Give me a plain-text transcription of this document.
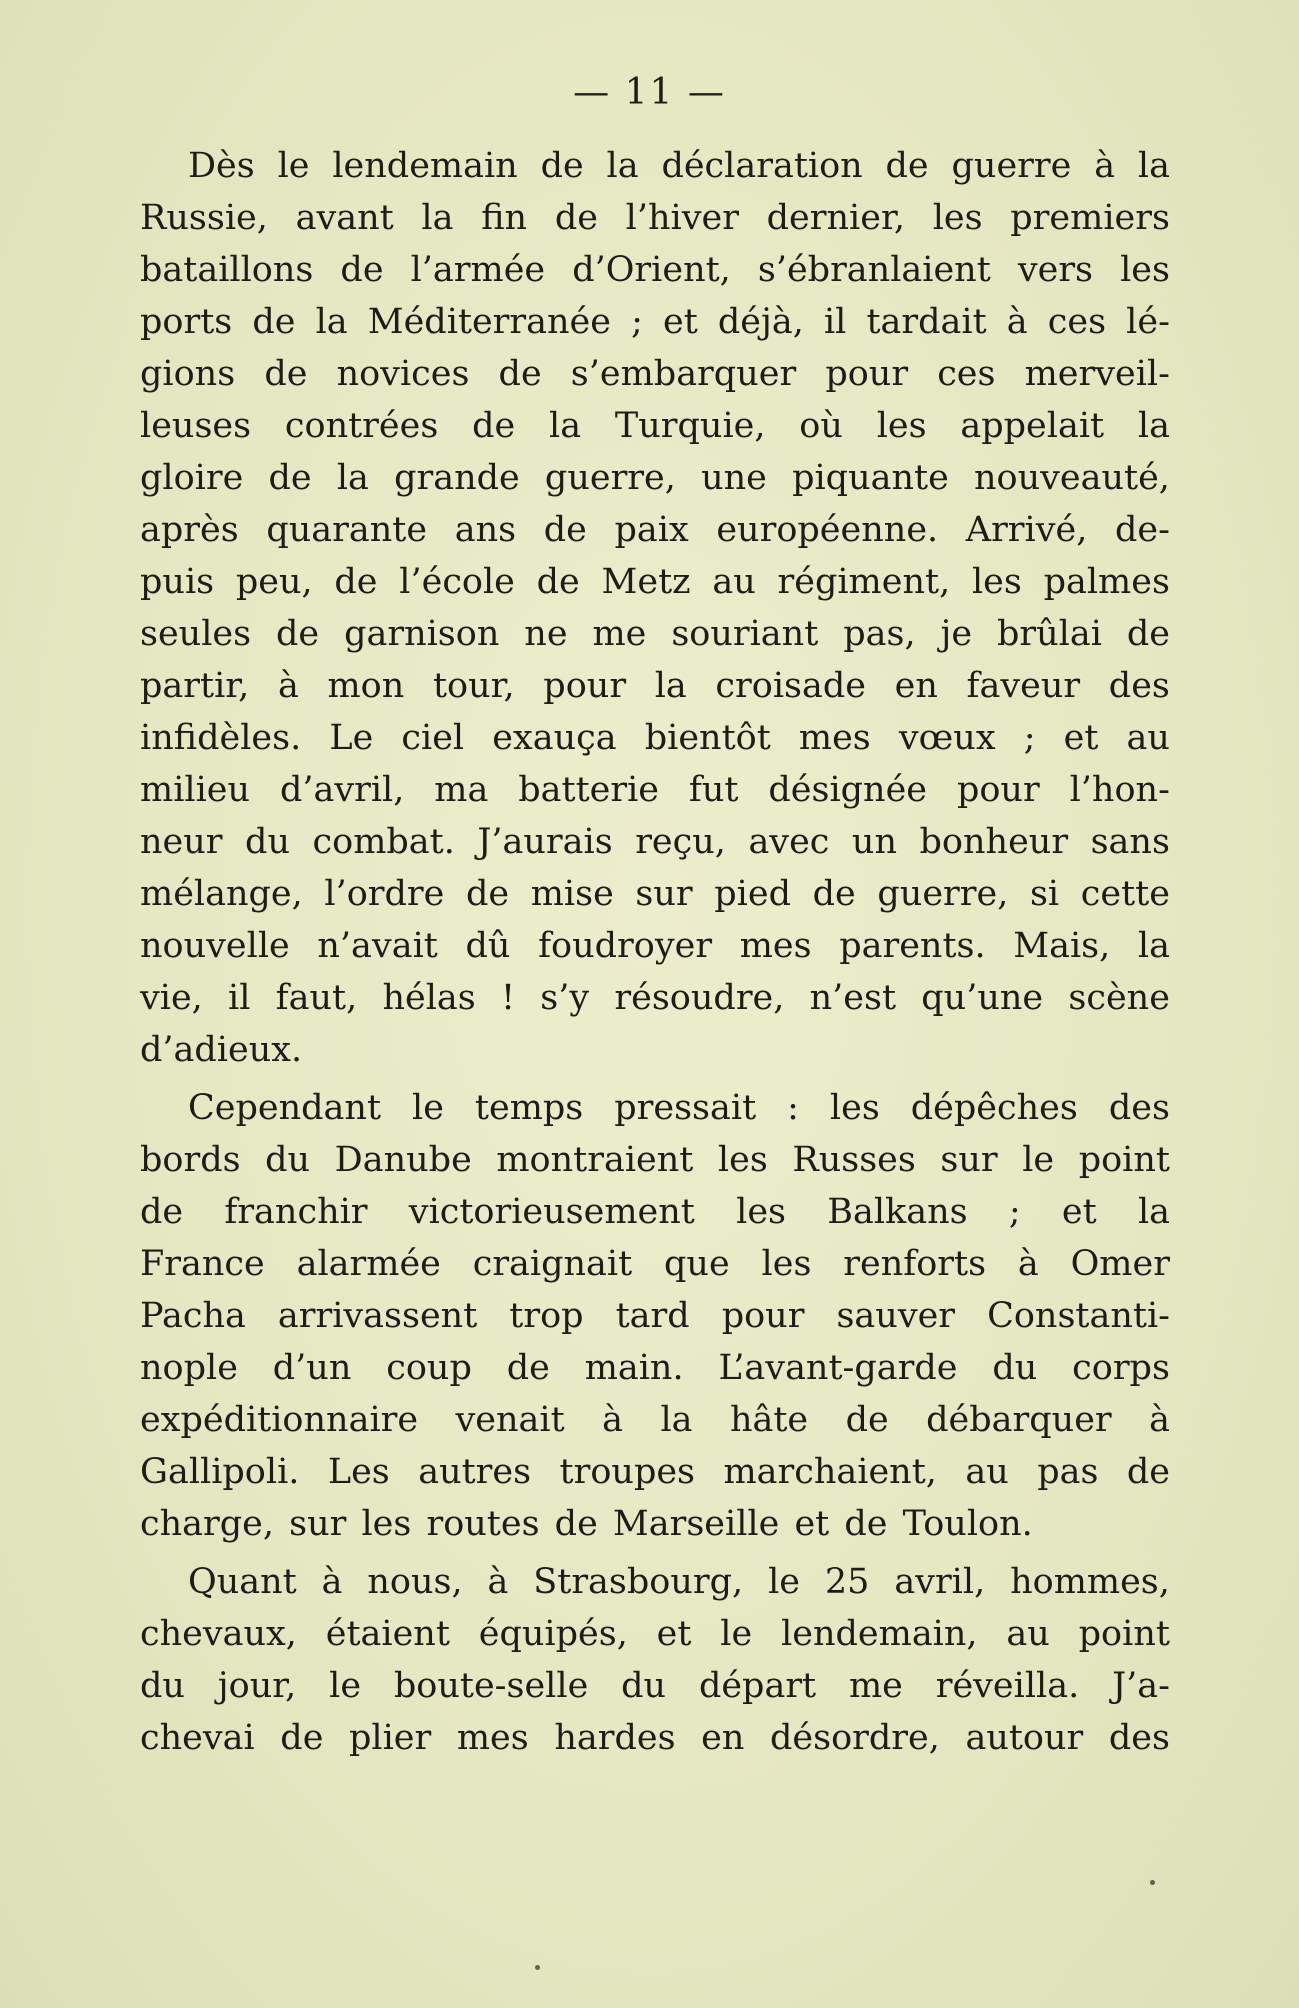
— 11 —
Dès le lendemain de la déclaration de guerre à la
Russie, avant la fin de l’hiver dernier, les premiers
bataillons de l’armée d’Orient, s’ébranlaient vers les
ports de la Méditerranée ; et déjà, il tardait à ces lé-
gions de novices de s’embarquer pour ces merveil-
leuses contrées de la Turquie, où les appelait la
gloire de la grande guerre, une piquante nouveauté,
après quarante ans de paix européenne. Arrivé, de-
puis peu, de l’école de Metz au régiment, les palmes
seules de garnison ne me souriant pas, je brûlai de
partir, à mon tour, pour la croisade en faveur des
infidèles. Le ciel exauça bientôt mes vœux ; et au
milieu d’avril, ma batterie fut désignée pour l’hon-
neur du combat. J’aurais reçu, avec un bonheur sans
mélange, l’ordre de mise sur pied de guerre, si cette
nouvelle n’avait dû foudroyer mes parents. Mais, la
vie, il faut, hélas ! s’y résoudre, n’est qu’une scène
d’adieux.
Cependant le temps pressait : les dépêches des
bords du Danube montraient les Russes sur le point
de franchir victorieusement les Balkans ; et la
France alarmée craignait que les renforts à Omer
Pacha arrivassent trop tard pour sauver Constanti-
nople d’un coup de main. L’avant-garde du corps
expéditionnaire venait à la hâte de débarquer à
Gallipoli. Les autres troupes marchaient, au pas de
charge, sur les routes de Marseille et de Toulon.
Quant à nous, à Strasbourg, le 25 avril, hommes,
chevaux, étaient équipés, et le lendemain, au point
du jour, le boute-selle du départ me réveilla. J’a-
chevai de plier mes hardes en désordre, autour des
